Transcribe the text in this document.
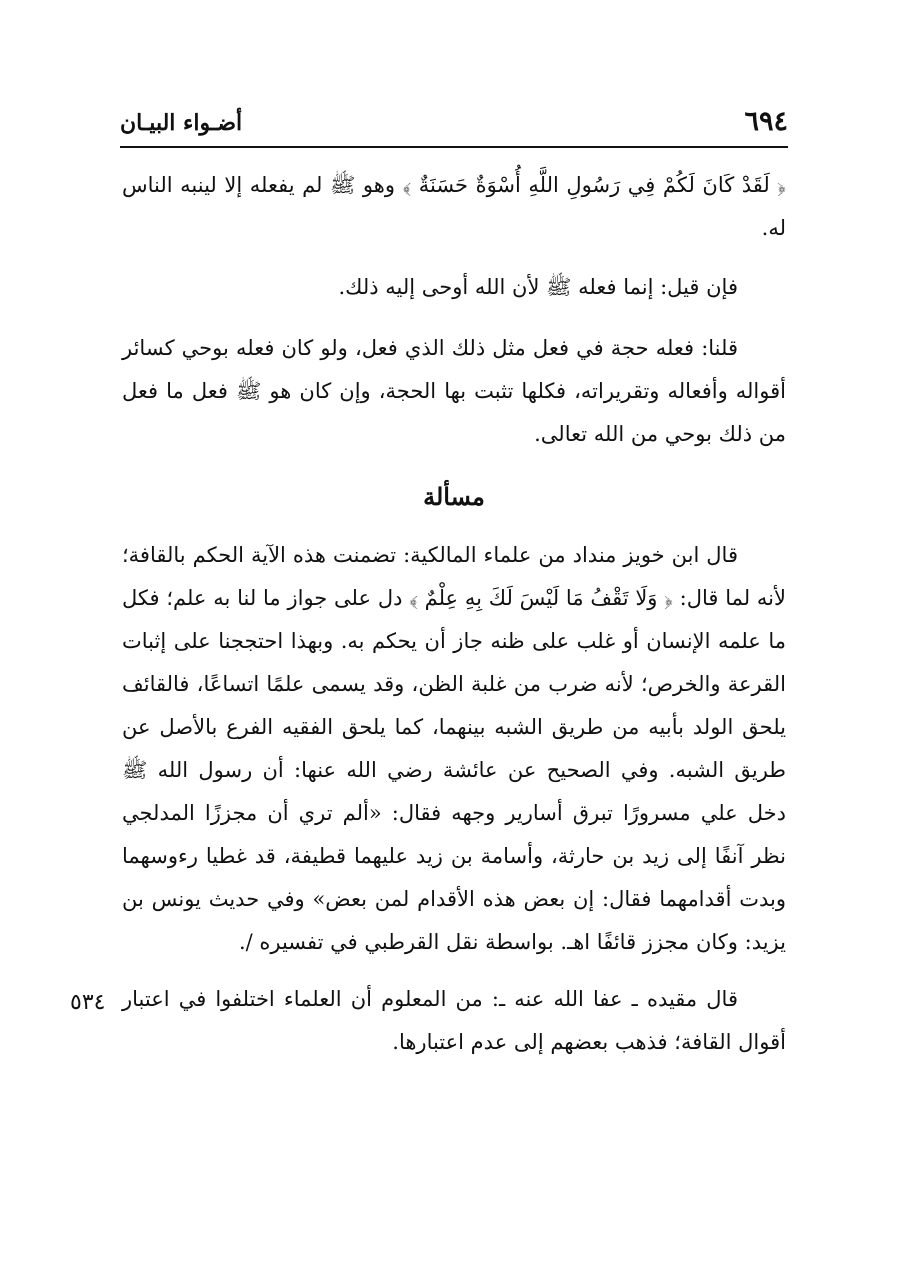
٦٩٤
أضـواء البيـان

﴿ لَقَدْ كَانَ لَكُمْ فِي رَسُولِ اللَّهِ أُسْوَةٌ حَسَنَةٌ ﴾ وهو ﷺ لم يفعله إلا لينبه الناس له.

فإن قيل: إنما فعله ﷺ لأن الله أوحى إليه ذلك.

قلنا: فعله حجة في فعل مثل ذلك الذي فعل، ولو كان فعله بوحي كسائر أقواله وأفعاله وتقريراته، فكلها تثبت بها الحجة، وإن كان هو ﷺ فعل ما فعل من ذلك بوحي من الله تعالى.

مسألة

قال ابن خويز منداد من علماء المالكية: تضمنت هذه الآية الحكم بالقافة؛ لأنه لما قال: ﴿ وَلَا تَقْفُ مَا لَيْسَ لَكَ بِهِ عِلْمٌ ﴾ دل على جواز ما لنا به علم؛ فكل ما علمه الإنسان أو غلب على ظنه جاز أن يحكم به. وبهذا احتججنا على إثبات القرعة والخرص؛ لأنه ضرب من غلبة الظن، وقد يسمى علمًا اتساعًا، فالقائف يلحق الولد بأبيه من طريق الشبه بينهما، كما يلحق الفقيه الفرع بالأصل عن طريق الشبه. وفي الصحيح عن عائشة رضي الله عنها: أن رسول الله ﷺ دخل علي مسرورًا تبرق أسارير وجهه فقال: «ألم تري أن مجززًا المدلجي نظر آنفًا إلى زيد بن حارثة، وأسامة بن زيد عليهما قطيفة، قد غطيا رءوسهما وبدت أقدامهما فقال: إن بعض هذه الأقدام لمن بعض» وفي حديث يونس بن يزيد: وكان مجزز قائفًا اهـ. بواسطة نقل القرطبي في تفسيره /.

قال مقيده ـ عفا الله عنه ـ: من المعلوم أن العلماء اختلفوا في اعتبار أقوال القافة؛ فذهب بعضهم إلى عدم اعتبارها.

٥٣٤
